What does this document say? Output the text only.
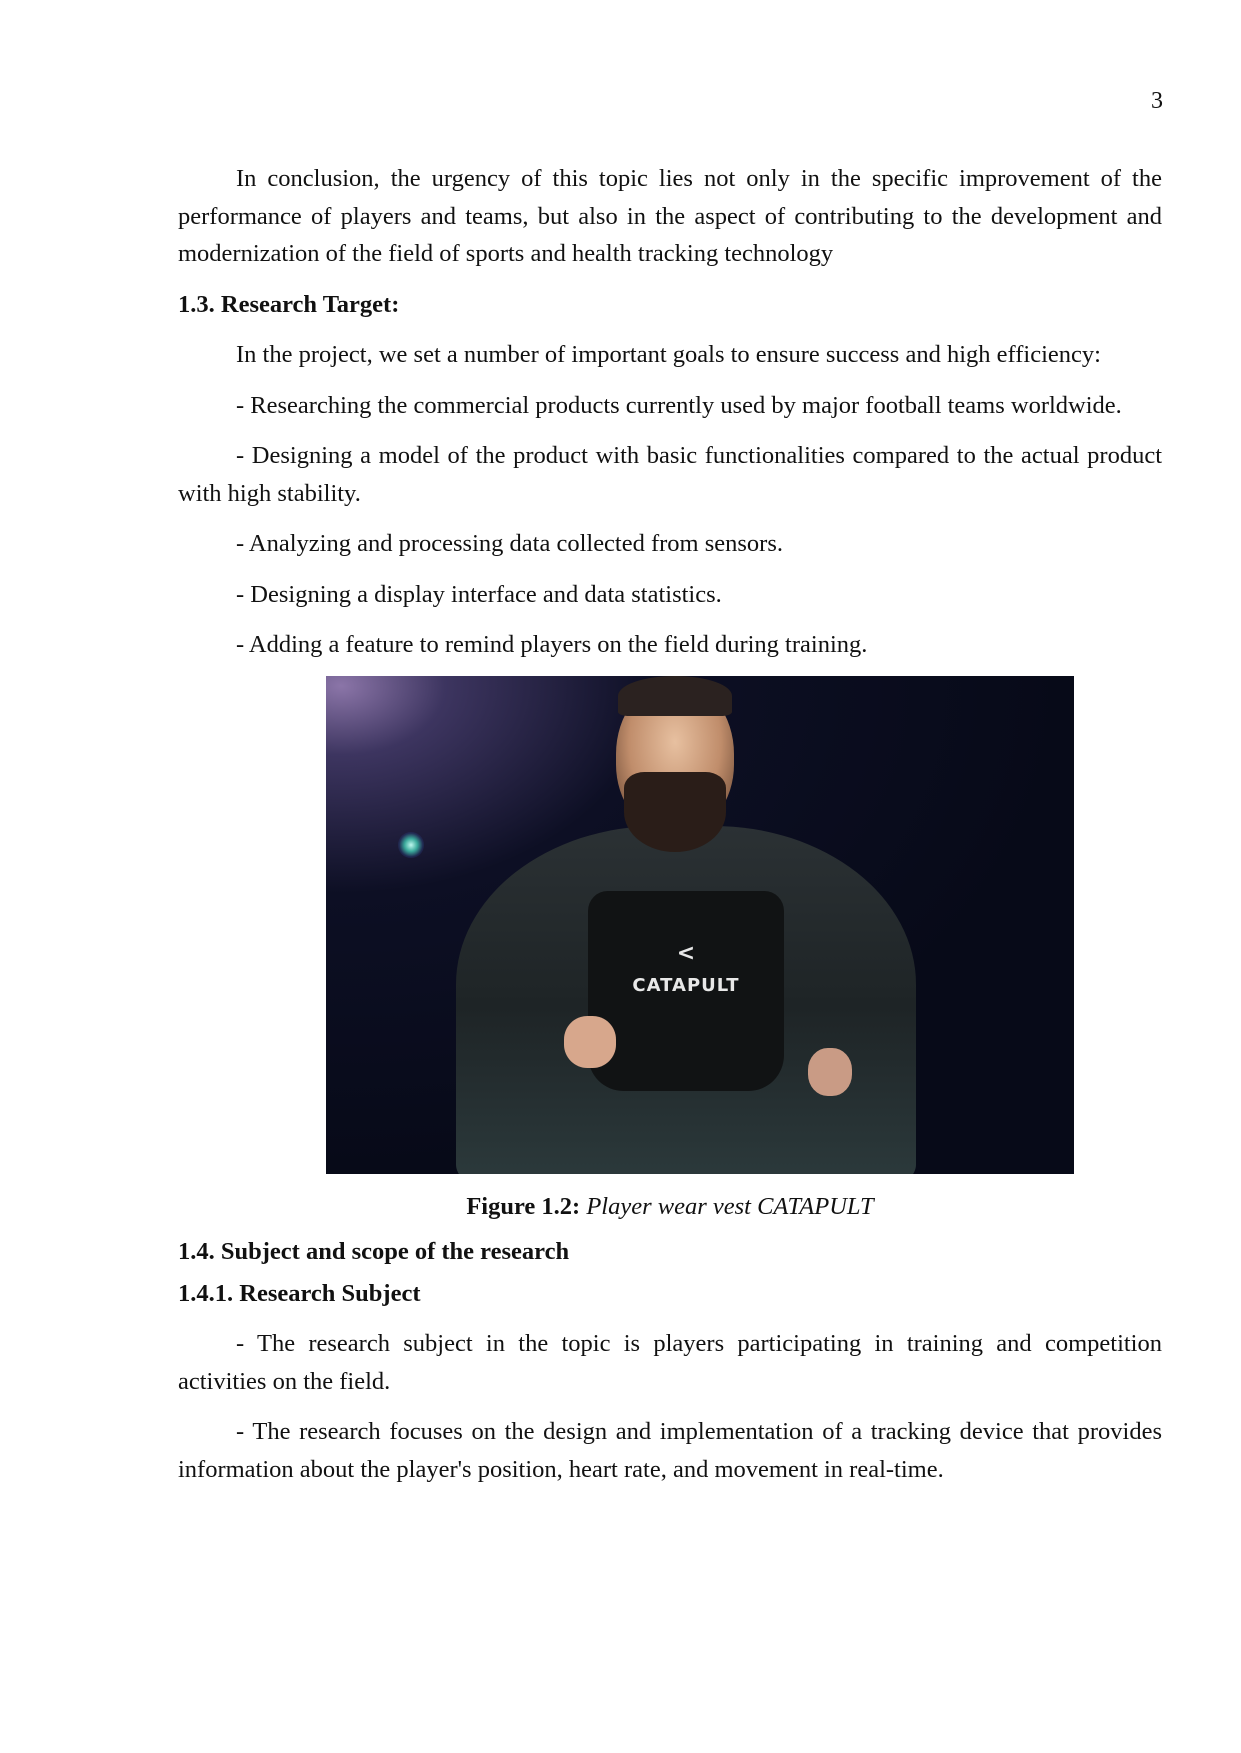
3

In conclusion, the urgency of this topic lies not only in the specific improvement of the performance of players and teams, but also in the aspect of contributing to the development and modernization of the field of sports and health tracking technology

1.3. Research Target:

In the project, we set a number of important goals to ensure success and high efficiency:

- Researching the commercial products currently used by major football teams worldwide.

- Designing a model of the product with basic functionalities compared to the actual product with high stability.

- Analyzing and processing data collected from sensors.

- Designing a display interface and data statistics.

- Adding a feature to remind players on the field during training.

<
CATAPULT
Figure 1.2: Player wear vest CATAPULT
1.4. Subject and scope of the research
1.4.1. Research Subject

- The research subject in the topic is players participating in training and competition activities on the field.

- The research focuses on the design and implementation of a tracking device that provides information about the player's position, heart rate, and movement in real-time.
